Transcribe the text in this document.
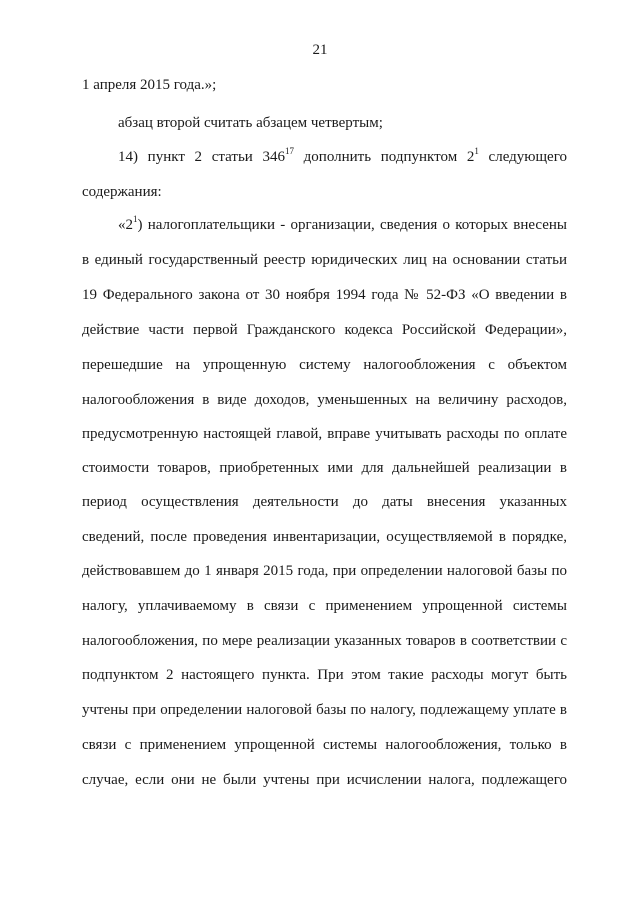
21
1 апреля 2015 года.»;
абзац второй считать абзацем четвертым;
14) пункт 2 статьи $346^{17}$ дополнить подпунктом $2^1$ следующего
содержания:
«$2^1$) налогоплательщики - организации, сведения о которых внесены
в единый государственный реестр юридических лиц на основании статьи
19 Федерального закона от 30 ноября 1994 года № 52-ФЗ «О введении в
действие части первой Гражданского кодекса Российской Федерации»,
перешедшие на упрощенную систему налогообложения с объектом
налогообложения в виде доходов, уменьшенных на величину расходов,
предусмотренную настоящей главой, вправе учитывать расходы по оплате
стоимости товаров, приобретенных ими для дальнейшей реализации в
период осуществления деятельности до даты внесения указанных
сведений, после проведения инвентаризации, осуществляемой в порядке,
действовавшем до 1 января 2015 года, при определении налоговой базы по
налогу, уплачиваемому в связи с применением упрощенной системы
налогообложения, по мере реализации указанных товаров в соответствии с
подпунктом 2 настоящего пункта. При этом такие расходы могут быть
учтены при определении налоговой базы по налогу, подлежащему уплате в
связи с применением упрощенной системы налогообложения, только в
случае, если они не были учтены при исчислении налога, подлежащего
